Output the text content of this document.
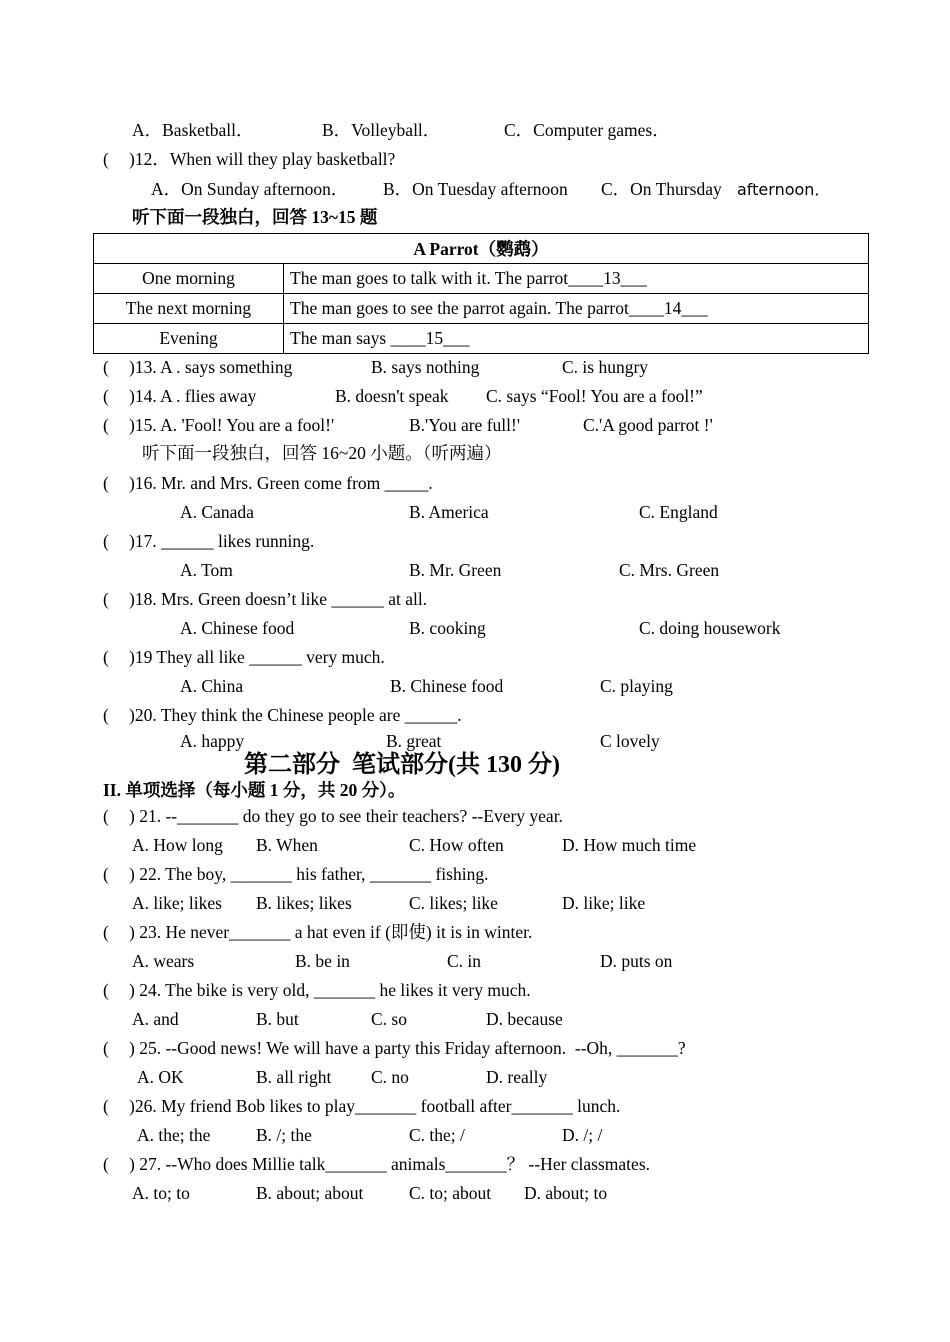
A．Basketball．	B．Volleyball．	C．Computer games．
( )12．When will they play basketball?
A．On Sunday afternoon． B．On Tuesday afternoon C．On Thursday afternoon．
听下面一段独白，回答 13~15 题
A Parrot（鹦鹉）	
One morning	The man goes to talk with it. The parrot____13___
The next morning	The man goes to see the parrot again. The parrot____14___
Evening	The man says ____15___
( )13. A . says something	B. says nothing	C. is hungry
( )14. A . flies away	B. doesn't speak C. says “Fool! You are a fool!”
( )15. A. 'Fool! You are a fool!'	B.'You are full!'	C.'A good parrot !'
听下面一段独白，回答 16~20 小题。（听两遍）
( )16. Mr. and Mrs. Green come from _____.
A. Canada	B. America	C. England
( )17. ______ likes running.
A. Tom	B. Mr. Green	C. Mrs. Green
( )18. Mrs. Green doesn’t like ______ at all.
A. Chinese food	B. cooking	C. doing housework
( )19 They all like ______ very much.
A. China	B. Chinese food	C. playing
( )20. They think the Chinese people are ______.
A. happy	B. great	C lovely
第二部分  笔试部分(共 130 分)
II. 单项选择（每小题 1 分，共 20 分）。
( ) 21. --_______ do they go to see their teachers? --Every year.
A. How long B. When	C. How often	D. How much time
( ) 22. The boy, _______ his father, _______ fishing.
A. like; likes B. likes; likes	C. likes; like	D. like; like
( ) 23. He never_______ a hat even if (即使) it is in winter.
A. wears	B. be in	C. in	D. puts on
( ) 24. The bike is very old, _______ he likes it very much.
A. and	B. but	C. so	D. because
( ) 25. --Good news! We will have a party this Friday afternoon.  --Oh, _______?
A. OK	B. all right C. no	D. really
( )26. My friend Bob likes to play_______ football after_______ lunch.
A. the; the	B. /; the	C. the; /	D. /; /
( ) 27. --Who does Millie talk_______ animals_______？ --Her classmates.
A. to; to	B. about; about	C. to; about D. about; to
